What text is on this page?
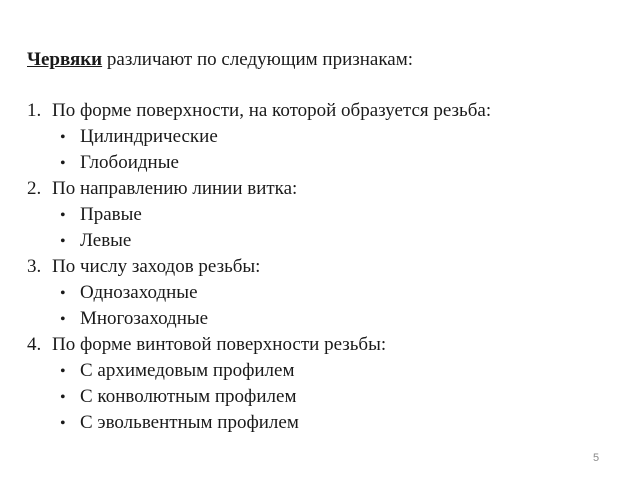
Червяки различают по следующим признакам:
1. По форме поверхности, на которой образуется резьба:
• Цилиндрические
• Глобоидные
2. По направлению линии витка:
• Правые
• Левые
3. По числу заходов резьбы:
• Однозаходные
• Многозаходные
4. По форме винтовой поверхности резьбы:
• С архимедовым профилем
• С конволютным профилем
• С эвольвентным профилем
5
